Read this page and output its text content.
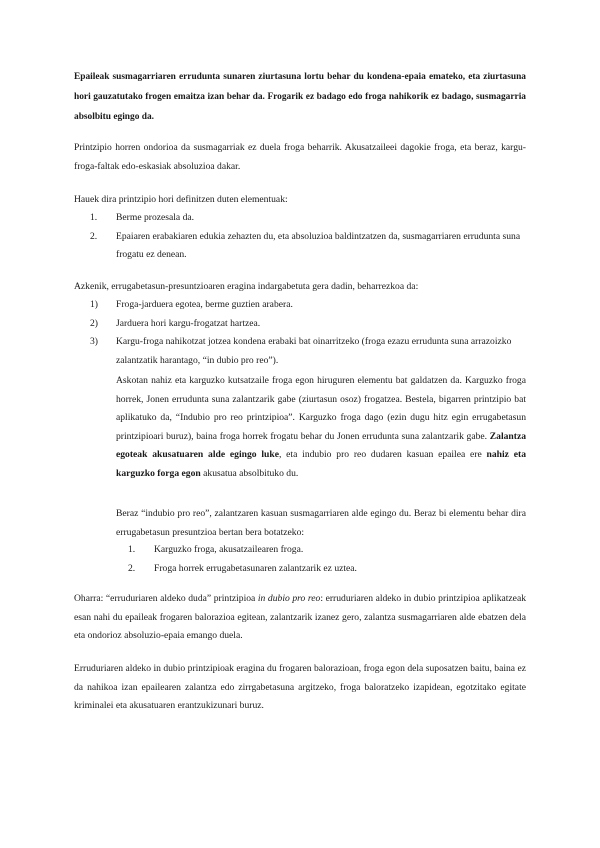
Epaileak susmagarriaren errudunta sunaren ziurtasuna lortu behar du kondena-epaia emateko, eta ziurtasuna hori gauzatutako frogen emaitza izan behar da. Frogarik ez badago edo froga nahikorik ez badago, susmagarria absolbitu egingo da.

Printzipio horren ondorioa da susmagarriak ez duela froga beharrik. Akusatzaileei dagokie froga, eta beraz, kargu-froga-faltak edo-eskasiak absoluzioa dakar.

Hauek dira printzipio hori definitzen duten elementuak:

1. Berme prozesala da.
2. Epaiaren erabakiaren edukia zehazten du, eta absoluzioa baldintzatzen da, susmagarriaren errudunta suna frogatu ez denean.

Azkenik, errugabetasun-presuntzioaren eragina indargabetuta gera dadin, beharrezkoa da:

1) Froga-jarduera egotea, berme guztien arabera.
2) Jarduera hori kargu-frogatzat hartzea.
3) Kargu-froga nahikotzat jotzea kondena erabaki bat oinarritzeko (froga ezazu errudunta suna arrazoizko zalantzatik harantago, “in dubio pro reo”).

Askotan nahiz eta karguzko kutsatzaile froga egon hiruguren elementu bat galdatzen da. Karguzko froga horrek, Jonen errudunta suna zalantzarik gabe (ziurtasun osoz) frogatzea. Bestela, bigarren printzipio bat aplikatuko da, “Indubio pro reo printzipioa”. Karguzko froga dago (ezin dugu hitz egin errugabetasun printzipioari buruz), baina froga horrek frogatu behar du Jonen errudunta suna zalantzarik gabe. Zalantza egoteak akusatuaren alde egingo luke, eta indubio pro reo dudaren kasuan epailea ere nahiz eta karguzko forga egon akusatua absolbituko du.

Beraz “indubio pro reo”, zalantzaren kasuan susmagarriaren alde egingo du. Beraz bi elementu behar dira errugabetasun presuntzioa bertan bera botatzeko:

1. Karguzko froga, akusatzailearen froga.
2. Froga horrek errugabetasunaren zalantzarik ez uztea.

Oharra: “erruduriaren aldeko duda” printzipioa in dubio pro reo: erruduriaren aldeko in dubio printzipioa aplikatzeak esan nahi du epaileak frogaren balorazioa egitean, zalantzarik izanez gero, zalantza susmagarriaren alde ebatzen dela eta ondorioz absoluzio-epaia emango duela.

Erruduriaren aldeko in dubio printzipioak eragina du frogaren balorazioan, froga egon dela suposatzen baitu, baina ez da nahikoa izan epailearen zalantza edo zirrgabetasuna argitzeko, froga baloratzeko izapidean, egotzitako egitate kriminalei eta akusatuaren erantzukizunari buruz.
